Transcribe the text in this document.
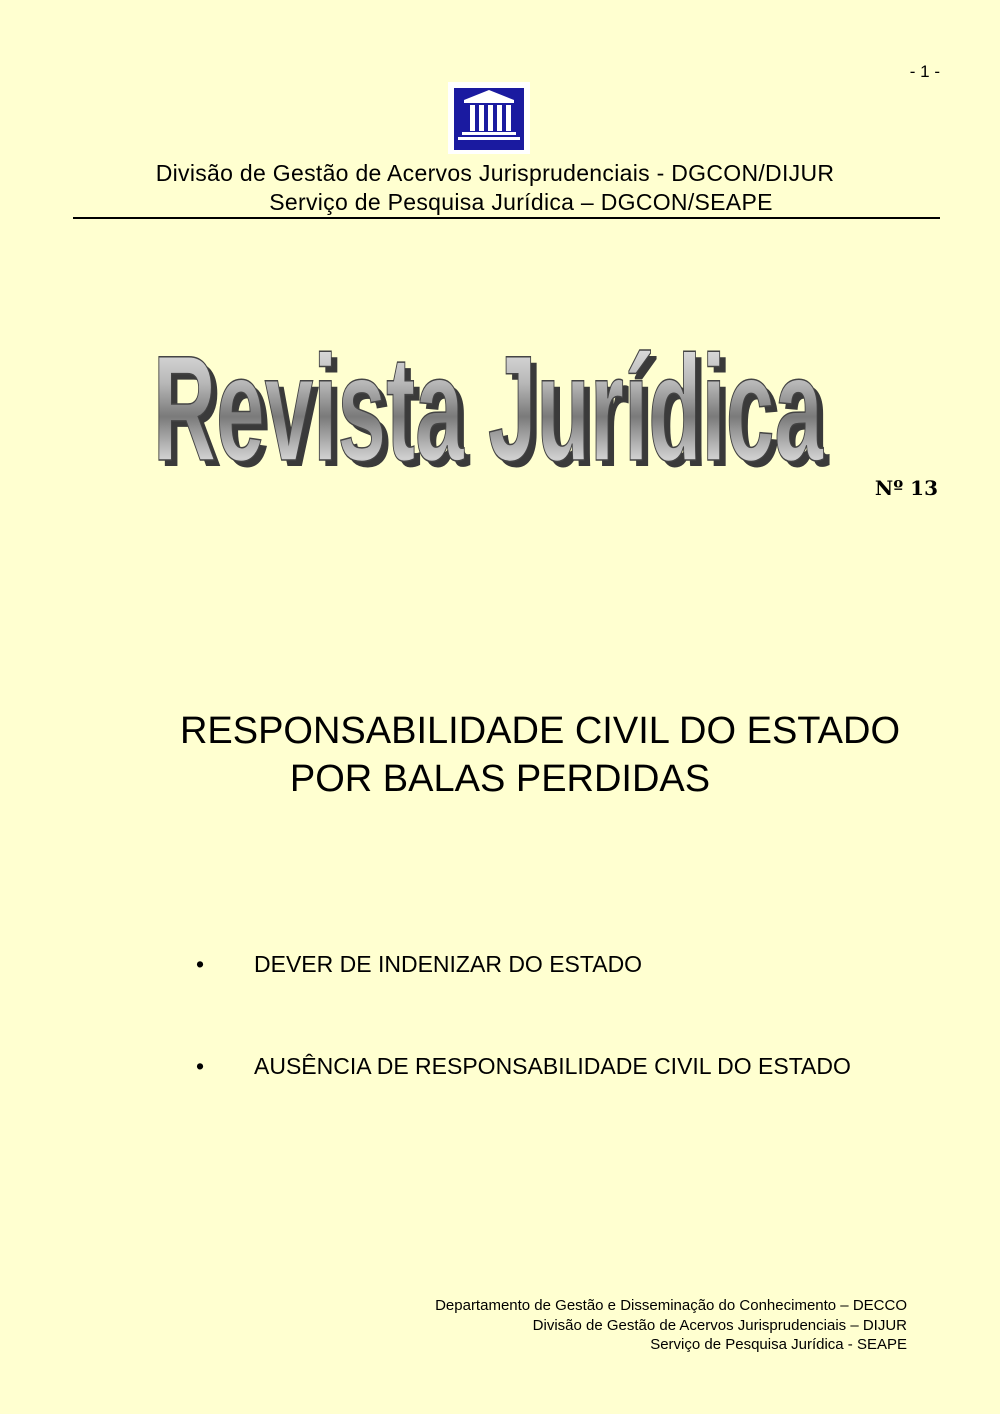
- 1 -
Divisão de Gestão de Acervos Jurisprudenciais - DGCON/DIJUR
Serviço de Pesquisa Jurídica – DGCON/SEAPE
Revista Jurídica
Revista Jurídica	Nº 13
RESPONSABILIDADE CIVIL DO ESTADO
POR BALAS PERDIDAS
•	DEVER DE INDENIZAR DO ESTADO
•	AUSÊNCIA DE RESPONSABILIDADE CIVIL DO ESTADO
Departamento de Gestão e Disseminação do Conhecimento – DECCO
Divisão de Gestão de Acervos Jurisprudenciais – DIJUR
Serviço de Pesquisa Jurídica - SEAPE
